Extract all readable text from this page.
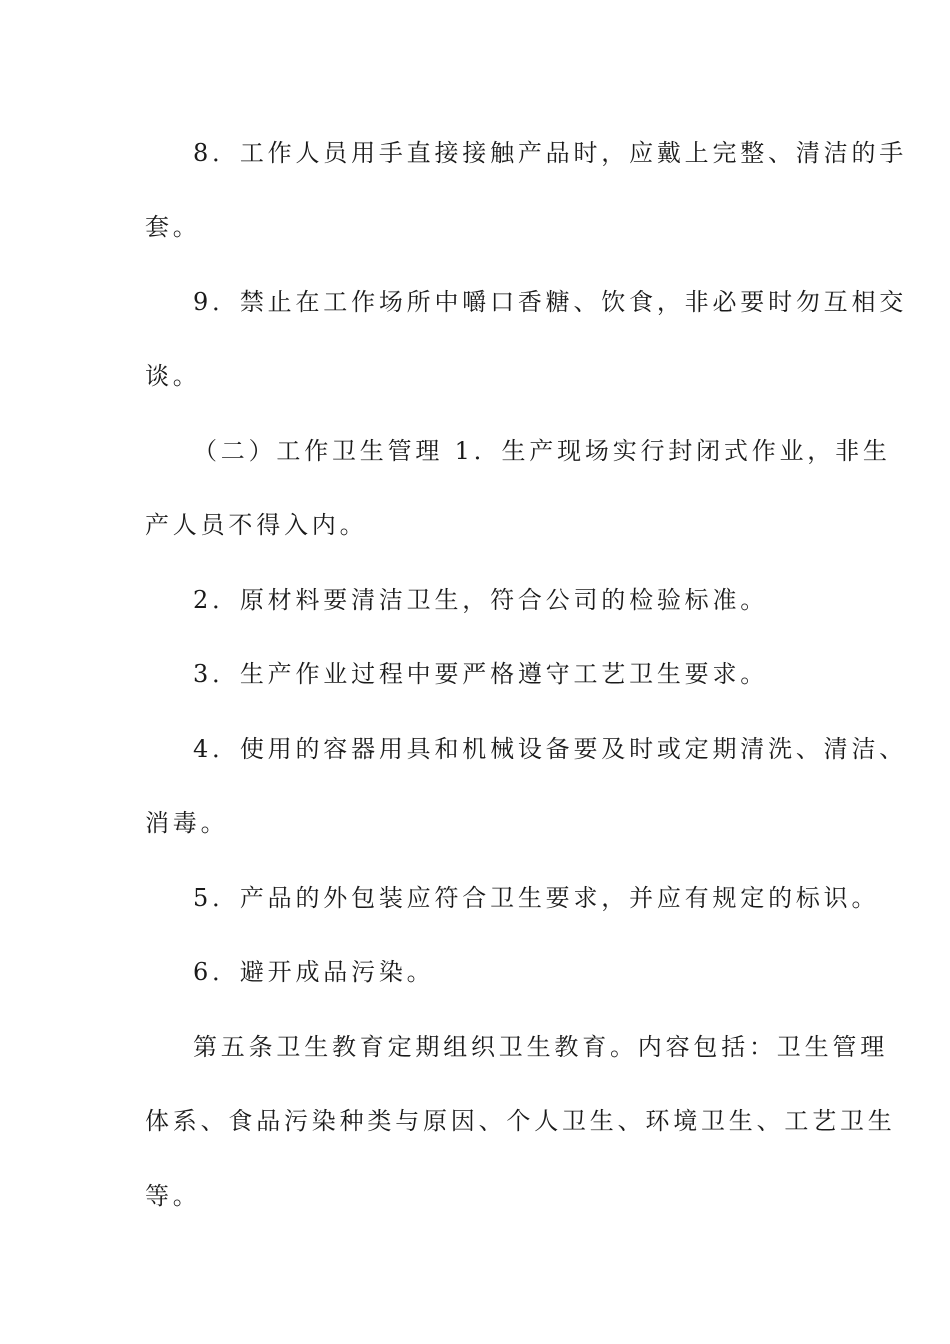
8．工作人员用手直接接触产品时，应戴上完整、清洁的手
套。
9．禁止在工作场所中嚼口香糖、饮食，非必要时勿互相交
谈。
（二）工作卫生管理 1．生产现场实行封闭式作业，非生
产人员不得入内。
2．原材料要清洁卫生，符合公司的检验标准。
3．生产作业过程中要严格遵守工艺卫生要求。
4．使用的容器用具和机械设备要及时或定期清洗、清洁、
消毒。
5．产品的外包装应符合卫生要求，并应有规定的标识。
6．避开成品污染。
第五条卫生教育定期组织卫生教育。内容包括：卫生管理
体系、食品污染种类与原因、个人卫生、环境卫生、工艺卫生
等。
